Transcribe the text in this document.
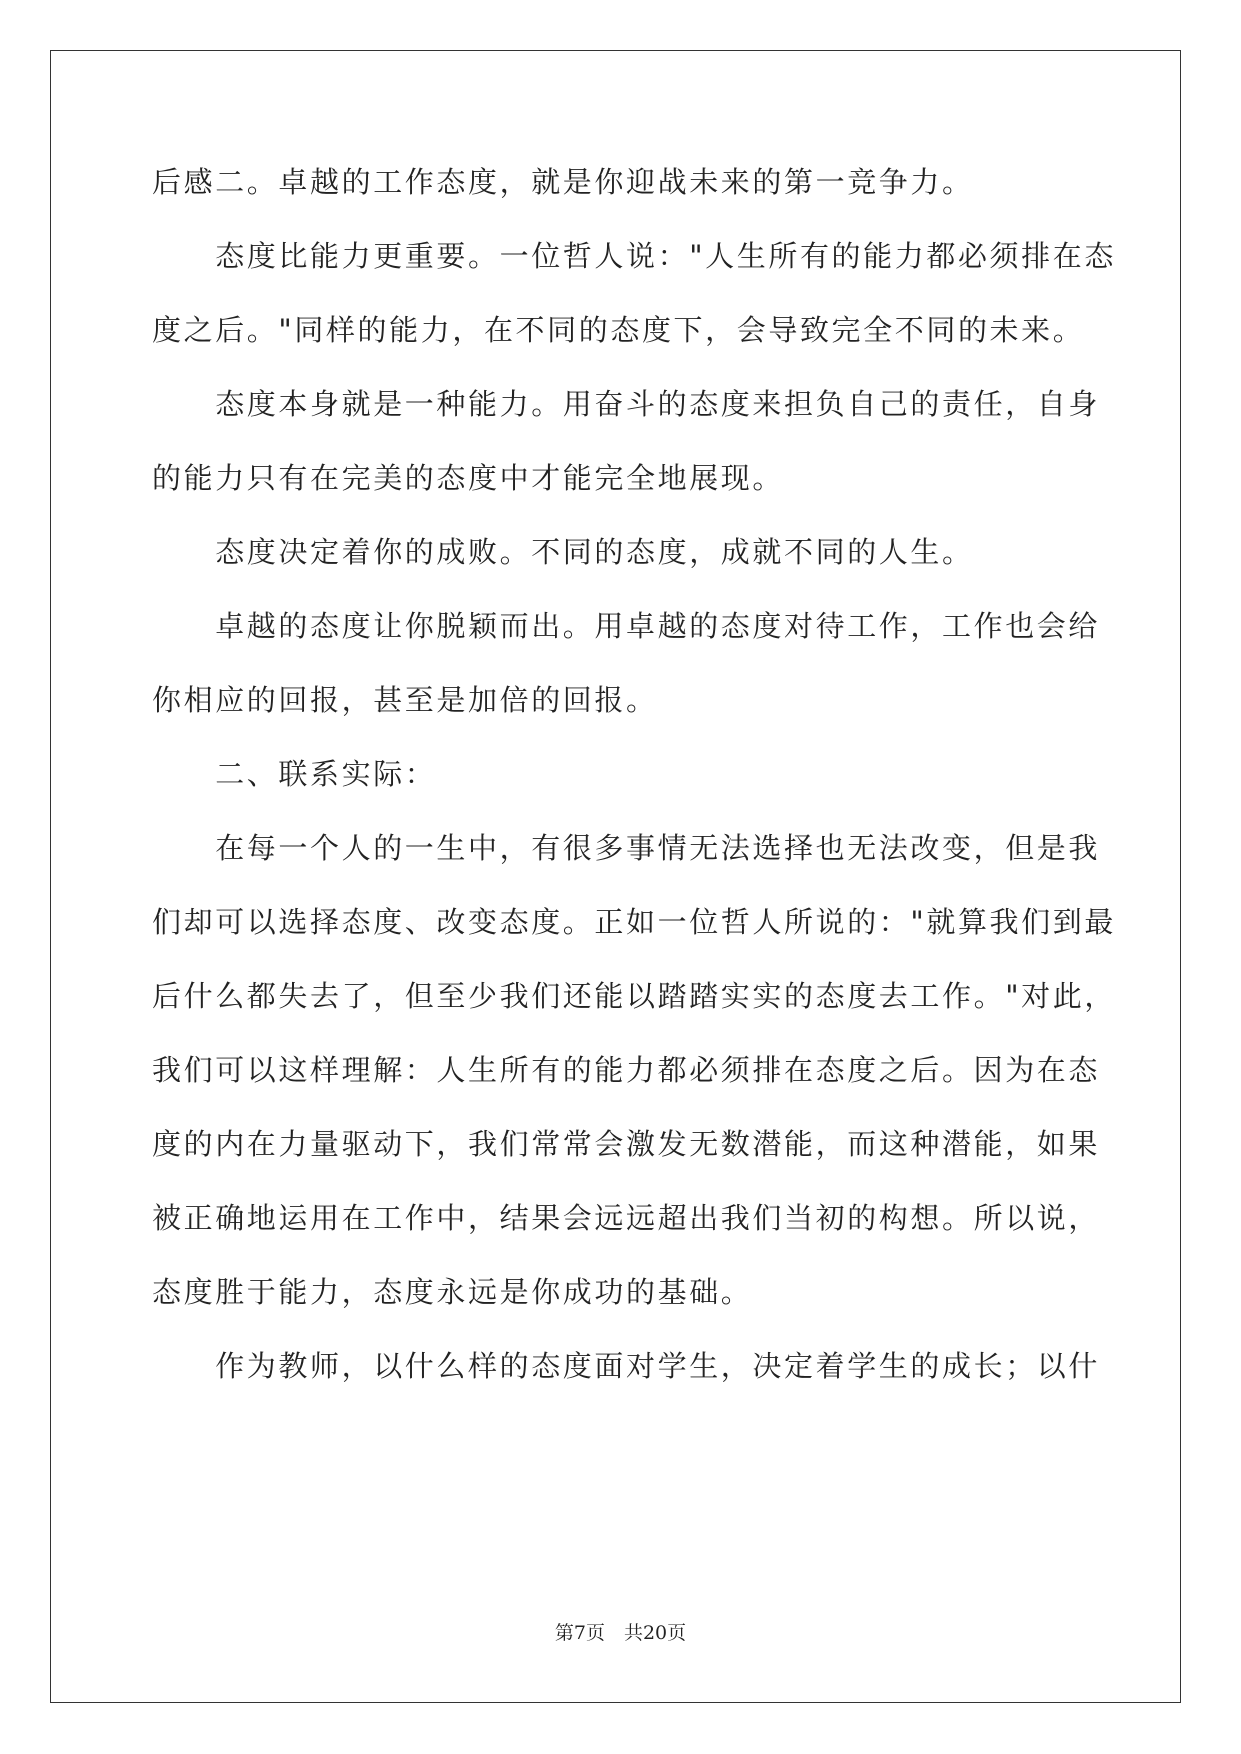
后感二。卓越的工作态度，就是你迎战未来的第一竞争力。
　　态度比能力更重要。一位哲人说："人生所有的能力都必须排在态
度之后。"同样的能力，在不同的态度下，会导致完全不同的未来。
　　态度本身就是一种能力。用奋斗的态度来担负自己的责任，自身
的能力只有在完美的态度中才能完全地展现。
　　态度决定着你的成败。不同的态度，成就不同的人生。
　　卓越的态度让你脱颖而出。用卓越的态度对待工作，工作也会给
你相应的回报，甚至是加倍的回报。
　　二、联系实际：
　　在每一个人的一生中，有很多事情无法选择也无法改变，但是我
们却可以选择态度、改变态度。正如一位哲人所说的："就算我们到最
后什么都失去了，但至少我们还能以踏踏实实的态度去工作。"对此，
我们可以这样理解：人生所有的能力都必须排在态度之后。因为在态
度的内在力量驱动下，我们常常会激发无数潜能，而这种潜能，如果
被正确地运用在工作中，结果会远远超出我们当初的构想。所以说，
态度胜于能力，态度永远是你成功的基础。
　　作为教师，以什么样的态度面对学生，决定着学生的成长；以什
第7页　共20页
